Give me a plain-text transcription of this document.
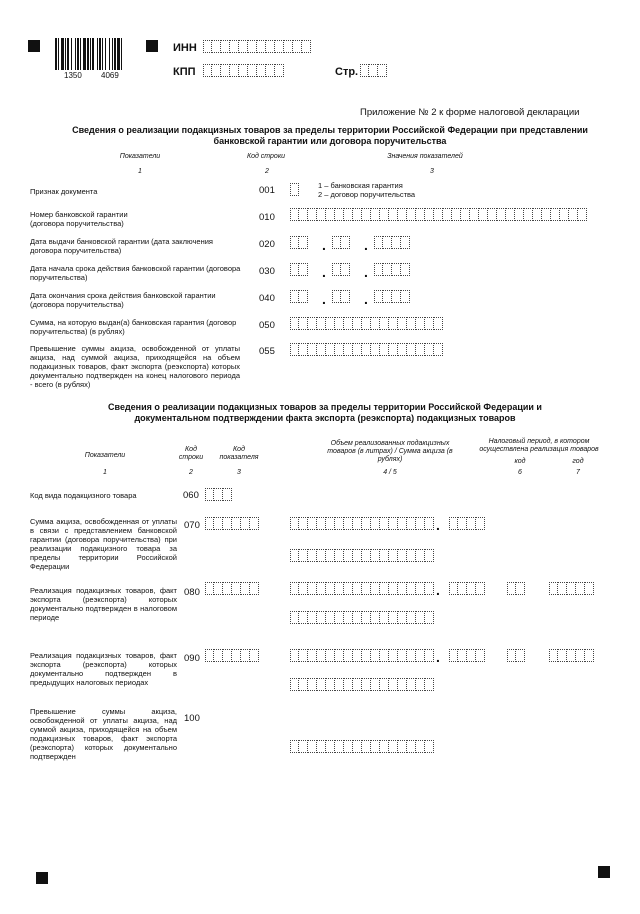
1350 4069
ИНН
КПП	Стр.
Приложение № 2 к форме налоговой декларации
Сведения о реализации подакцизных товаров за пределы территории Российской Федерации при представлении банковской гарантии или договора поручительства
Показатели	Код строки	Значения показателей
1	2	3
Признак документа	001	1 – банковская гарантия
2 – договор поручительства
Номер банковской гарантии (договора поручительства)
010
Дата выдачи банковской гарантии (дата заключения договора поручительства)
020	.	.
Дата начала срока действия банковской гарантии (договора поручительства)
030	.	.
Дата окончания срока действия банковской гарантии (договора поручительства)
040	.	.
Сумма, на которую выдан(а) банковская гарантия (договор поручительства) (в рублях)
050
Превышение суммы акциза, освобожденной от уплаты акциза, над суммой акциза, приходящейся на объем подакцизных товаров, факт экспорта (реэкспорта) которых документально подтвержден на конец налогового периода - всего (в рублях)
055
Сведения о реализации подакцизных товаров за пределы территории Российской Федерации и документальном подтверждении факта экспорта (реэкспорта) подакцизных товаров
Показатели
Код строки
Код показателя
Объем реализованных подакцизных товаров (в литрах) / Сумма акциза (в рублях)
Налоговый период, в котором осуществлена реализация товаров
код	год
1	2	3	4 / 5	6	7
Код вида подакцизного товара	060
Сумма акциза, освобожденная от уплаты в связи с представлением банковской гарантии (договора поручительства) при реализации подакцизного товара за пределы территории Российской Федерации
070	.
Реализация подакцизных товаров, факт экспорта (реэкспорта) которых документально подтвержден в налоговом периоде
080	.
Реализация подакцизных товаров, факт экспорта (реэкспорта) которых документально подтвержден в предыдущих налоговых периодах
090	.
Превышение суммы акциза, освобожденной от уплаты акциза, над суммой акциза, приходящейся на объем подакцизных товаров, факт экспорта (реэкспорта) которых документально подтвержден
100
